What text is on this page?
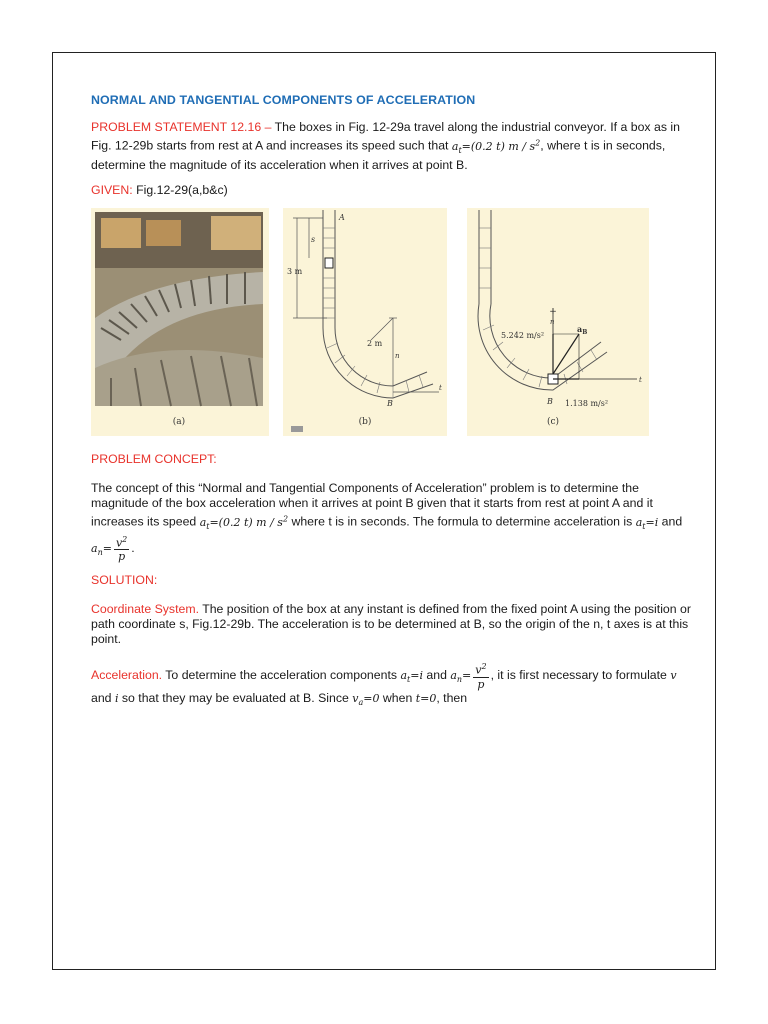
NORMAL AND TANGENTIAL COMPONENTS OF ACCELERATION

PROBLEM STATEMENT 12.16 – The boxes in Fig. 12-29a travel along the industrial conveyor. If a box as in Fig. 12-29b starts from rest at A and increases its speed such that $a_t=(0.2$ t) m / $s^2$, where t is in seconds, determine the magnitude of its acceleration when it arrives at point B.

GIVEN: Fig.12-29(a,b&c)

(a)
A
s
3 m
2 m
n
t
B
(b)
+
n
5.242 m/s²
$a_B$
1.138 m/s²
t
B
(c)

PROBLEM CONCEPT:

The concept of this “Normal and Tangential Components of Acceleration” problem is to determine the magnitude of the box acceleration when it arrives at point B given that it starts from rest at point A and it increases its speed $a_t=(0.2$ t) m / $s^2$ where t is in seconds. The formula to determine acceleration is $a_t=i$ and $a_n= \frac{v^2}{p}$ .

SOLUTION:

Coordinate System. The position of the box at any instant is defined from the fixed point A using the position or path coordinate s, Fig.12-29b. The acceleration is to be determined at B, so the origin of the n, t axes is at this point.

Acceleration. To determine the acceleration components $a_t=i$ and $a_n= \frac{v^2}{p}$ , it is first necessary to formulate v and i so that they may be evaluated at B. Since $v_a=0$ when t=0, then
